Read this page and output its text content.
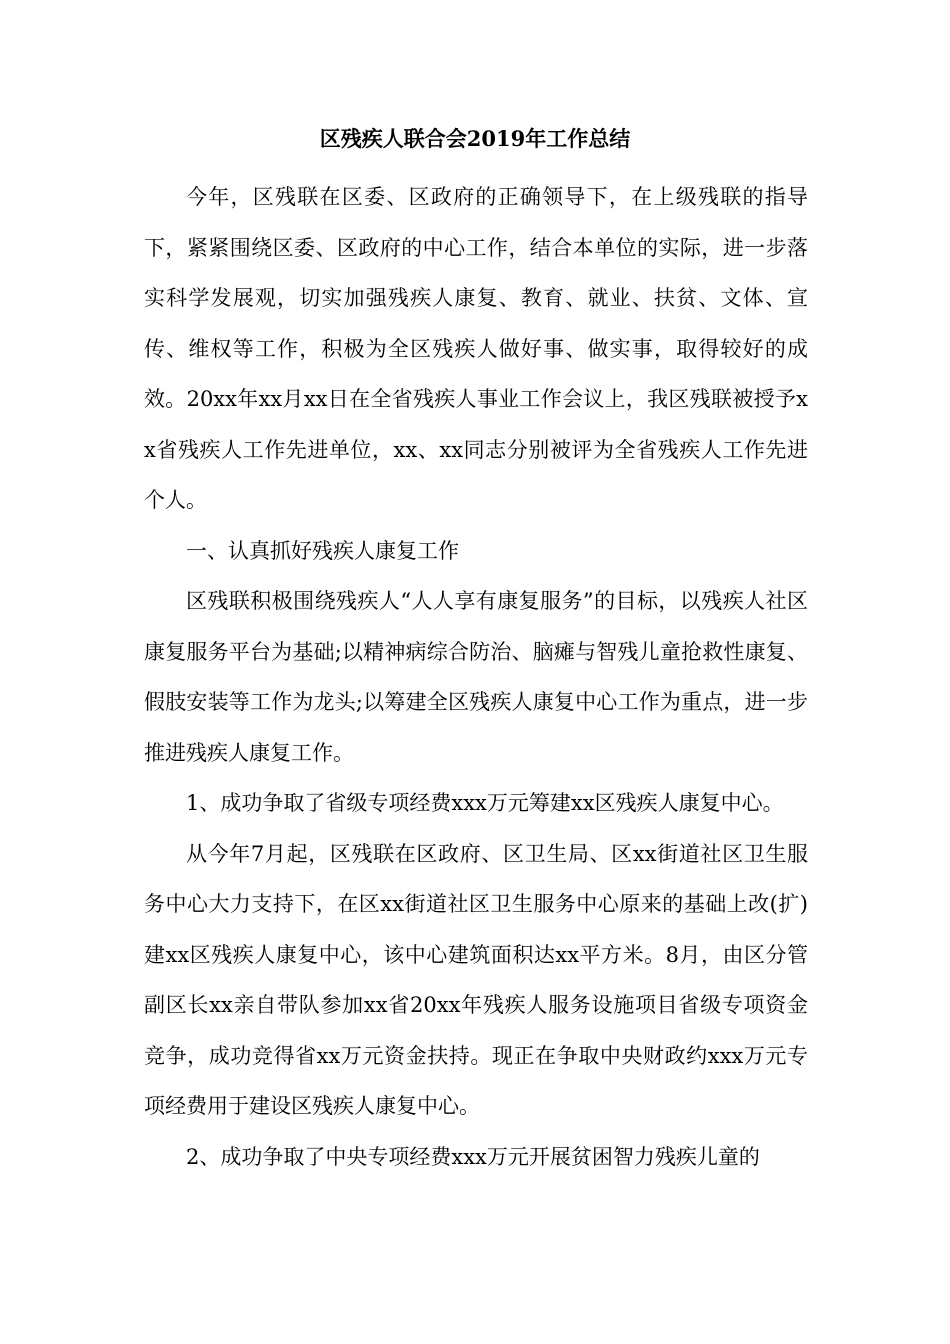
区残疾人联合会2019年工作总结

今年，区残联在区委、区政府的正确领导下，在上级残联的指导下，紧紧围绕区委、区政府的中心工作，结合本单位的实际，进一步落实科学发展观，切实加强残疾人康复、教育、就业、扶贫、文体、宣传、维权等工作，积极为全区残疾人做好事、做实事，取得较好的成效。20xx年xx月xx日在全省残疾人事业工作会议上，我区残联被授予xx省残疾人工作先进单位，xx、xx同志分别被评为全省残疾人工作先进个人。

一、认真抓好残疾人康复工作

区残联积极围绕残疾人“人人享有康复服务”的目标，以残疾人社区康复服务平台为基础;以精神病综合防治、脑瘫与智残儿童抢救性康复、假肢安装等工作为龙头;以筹建全区残疾人康复中心工作为重点，进一步推进残疾人康复工作。

1、成功争取了省级专项经费xxx万元筹建xx区残疾人康复中心。

从今年7月起，区残联在区政府、区卫生局、区xx街道社区卫生服务中心大力支持下，在区xx街道社区卫生服务中心原来的基础上改(扩)建xx区残疾人康复中心，该中心建筑面积达xx平方米。8月，由区分管副区长xx亲自带队参加xx省20xx年残疾人服务设施项目省级专项资金竞争，成功竞得省xx万元资金扶持。现正在争取中央财政约xxx万元专项经费用于建设区残疾人康复中心。

2、成功争取了中央专项经费xxx万元开展贫困智力残疾儿童的
